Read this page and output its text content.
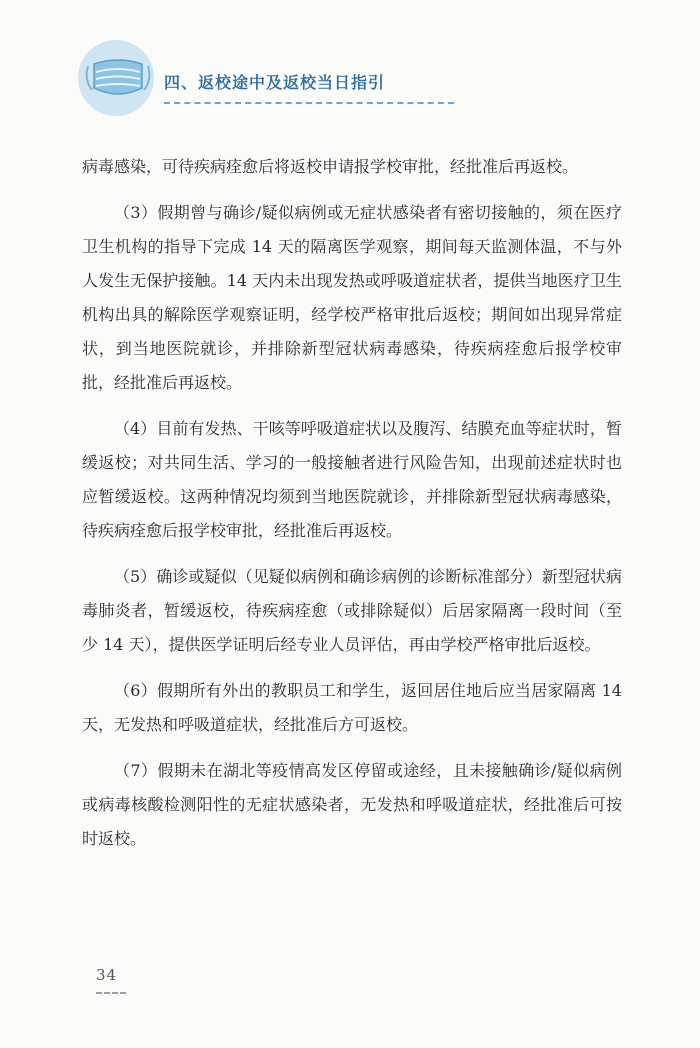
四、返校途中及返校当日指引

病毒感染，可待疾病痊愈后将返校申请报学校审批，经批准后再返校。

（3）假期曾与确诊/疑似病例或无症状感染者有密切接触的，须在医疗卫生机构的指导下完成 14 天的隔离医学观察，期间每天监测体温，不与外人发生无保护接触。14 天内未出现发热或呼吸道症状者，提供当地医疗卫生机构出具的解除医学观察证明，经学校严格审批后返校；期间如出现异常症状，到当地医院就诊，并排除新型冠状病毒感染，待疾病痊愈后报学校审批，经批准后再返校。

（4）目前有发热、干咳等呼吸道症状以及腹泻、结膜充血等症状时，暂缓返校；对共同生活、学习的一般接触者进行风险告知，出现前述症状时也应暂缓返校。这两种情况均须到当地医院就诊，并排除新型冠状病毒感染，待疾病痊愈后报学校审批，经批准后再返校。

（5）确诊或疑似（见疑似病例和确诊病例的诊断标准部分）新型冠状病毒肺炎者，暂缓返校，待疾病痊愈（或排除疑似）后居家隔离一段时间（至少 14 天），提供医学证明后经专业人员评估，再由学校严格审批后返校。

（6）假期所有外出的教职员工和学生，返回居住地后应当居家隔离 14 天，无发热和呼吸道症状，经批准后方可返校。

（7）假期未在湖北等疫情高发区停留或途经，且未接触确诊/疑似病例或病毒核酸检测阳性的无症状感染者，无发热和呼吸道症状，经批准后可按时返校。

34
